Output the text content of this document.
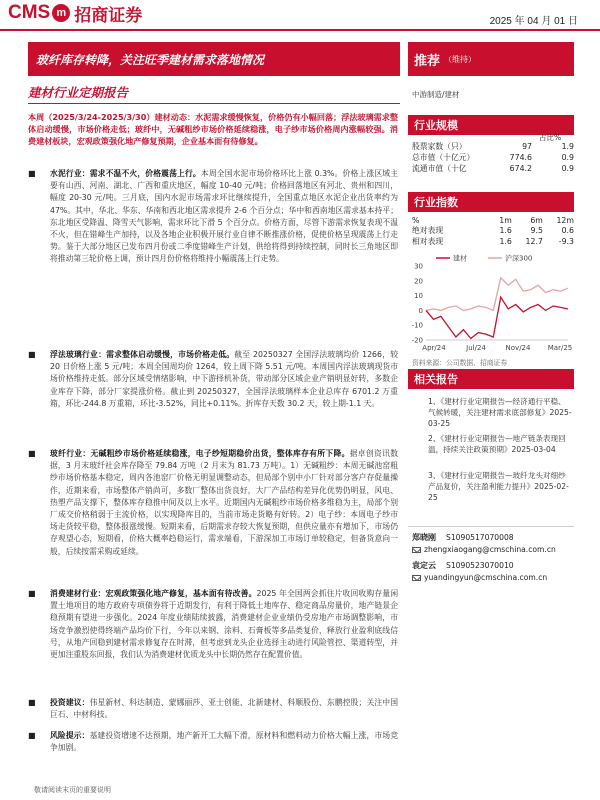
CMS m 招商证券	2025 年 04 月 01 日
玻纤库存转降，关注旺季建材需求落地情况	推荐 （维持）
建材行业定期报告	中游制造/建材
本周（2025/3/24-2025/3/30）建材动态：水泥需求缓慢恢复，价格仍有小幅回落；浮法玻璃需求整体启动缓慢，市场价格走低；玻纤中，无碱粗纱市场价格延续稳涨，电子纱市场价格周内涨幅较强。消费建材板块，宏观政策强化地产修复预期，企业基本面有待修复。
■ 水泥行业：需求不温不火，价格震荡上行。本周全国水泥市场价格环比上涨 0.3%。价格上涨区域主要有山西、河南、湖北、广西和重庆地区，幅度 10-40 元/吨；价格回落地区有河北、贵州和四川，幅度 20-30 元/吨。三月底，国内水泥市场需求环比继续提升，全国重点地区水泥企业出货率约为 47%。其中，华北、华东、华南和西北地区需求提升 2-6 个百分点；华中和西南地区需求基本持平；东北地区受降温、降雪天气影响，需求环比下滑 5 个百分点。价格方面，尽管下游需求恢复表现不温不火，但在错峰生产加持，以及各地企业积极开展行业自律不断推涨价格，促使价格呈现震荡上行走势。鉴于大部分地区已发布四月份或二季度错峰生产计划，供给将得到持续控制，同时长三角地区即将推动第三轮价格上调，预计四月份价格将维持小幅震荡上行走势。
■ 浮法玻璃行业：需求整体启动缓慢，市场价格走低。截至 20250327 全国浮法玻璃均价 1266，较 20 日价格上涨 5 元/吨；本周全国周均价 1264，较上周下降 5.51 元/吨。本周国内浮法玻璃现货市场价格维持走低。部分区域受情绪影响，中下游择机补货，带动部分区域企业产销明显好转，多数企业库存下降，部分厂家提涨价格。截止到 20250327，全国浮法玻璃样本企业总库存 6701.2 万重箱，环比-244.8 万重箱，环比-3.52%，同比+0.11%。折库存天数 30.2 天，较上期-1.1 天。
■ 玻纤行业：无碱粗纱市场价格延续稳涨，电子纱短期稳价出货，整体库存有所下降。据卓创资讯数据，3 月末玻纤社会库存降至 79.84 万吨（2 月末为 81.73 万吨）。1）无碱粗纱：本周无碱池窑粗纱市场价格基本稳定，周内各池窑厂价格无明显调整动态，但局部个别中小厂针对部分客户存促量操作，近期来看，市场整体产销尚可，多数厂整体出货良好，大厂产品结构差异化优势仍明显，风电、热塑产品支撑下，整体库存稳推中间及以上水平。近期国内无碱粗纱市场价格多维稳为主，局部个别厂成交价格稍弱于主流价格，以实现降库目的，当前市场走货略有好转。2）电子纱：本周电子纱市场走货较平稳，整体报涨缓慢。短期来看，后期需求存较大恢复预期，但供应量亦有增加下，市场仍存观望心态，短期看，价格大概率趋稳运行，需求端看，下游深加工市场订单较稳定，但备货意向一般，后续按需采购或延续。
■ 消费建材行业：宏观政策强化地产修复，基本面有待改善。2025 年全国两会抓住片收回收购存量闲置土地项目的地方政府专项债券将于近期发行，有利于降低土地库存、稳定商品房量价，地产链景企稳预期有望进一步强化。2024 年度业绩陆续披露，消费建材企业业绩仍受房地产市场调整影响，市场竞争激烈使得终端产品均价下行，今年以来钢、涂料、石膏板等多品类复价，释放行业盈利底线信号，从地产回稳到建材需求修复存在时滞，但考虑到龙头企业选择主动进行风险管控、渠道转型，并更加注重股东回报，我们认为消费建材优质龙头中长期仍然存在配置价值。
■ 投资建议：伟星新材、科达制造、蒙娜丽莎、亚士创能、北新建材、科顺股份、东鹏控股；关注中国巨石、中材科技。
■ 风险提示：基建投资增速不达预期，地产新开工大幅下滑，原材料和燃料动力价格大幅上涨，市场竞争加剧。
敬请阅读末页的重要说明
行业规模
占比%
股票家数（只）	97	1.9
总市值（十亿元）	774.6	0.9
流通市值（十亿	674.2	0.9
行业指数
%	1m	6m	12m
绝对表现	1.6	9.5	0.6
相对表现	1.6	12.7	-9.3
建材	沪深300
30
20
10
0
-10
-20
Apr/24	Jul/24	Nov/24 Mar/25
资料来源：公司数据、招商证券
相关报告
1、《建材行业定期报告—经济通行平稳、气候转暖，关注建材需求底部修复》2025-03-25
2、《建材行业定期报告—地产链条表现回温，持续关注政策预期》2025-03-04
3、《建材行业定期报告—玻纤龙头对细纱产品复价，关注盈利能力提升》2025-02-25
郑晓刚 S1090517070008
zhengxiaogang@cmschina.com.cn
袁定云 S1090523070010
yuandingyun@cmschina.com.cn
